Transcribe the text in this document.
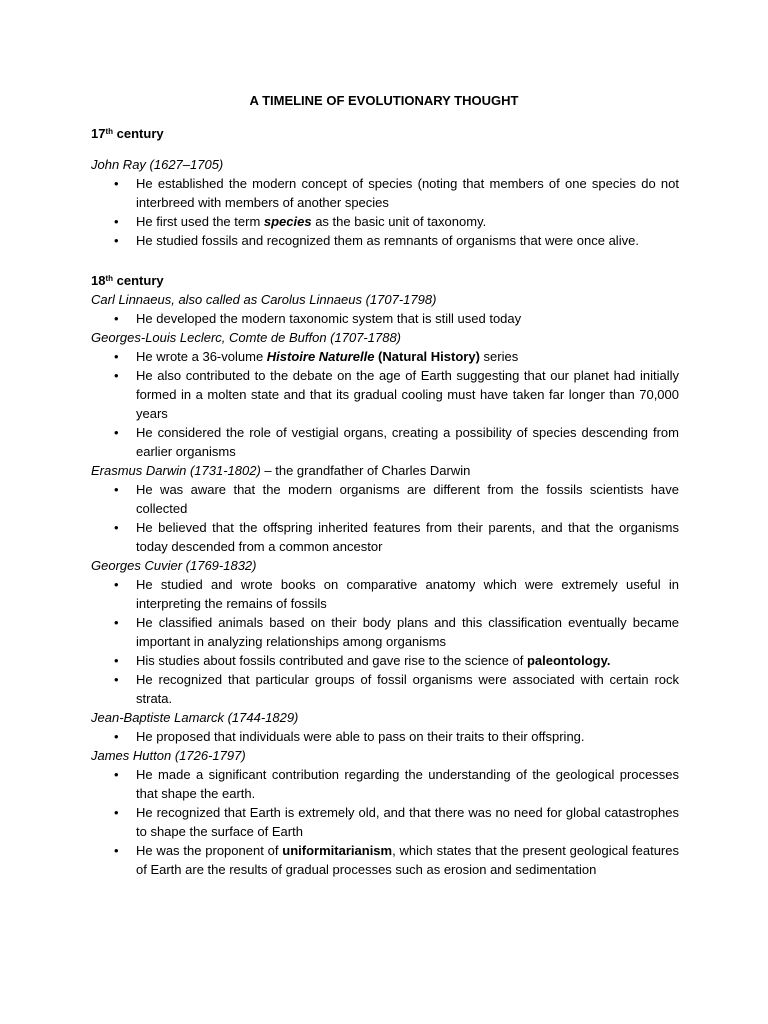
A TIMELINE OF EVOLUTIONARY THOUGHT
17th century
John Ray (1627–1705)
• He established the modern concept of species (noting that members of one species do not interbreed with members of another species
• He first used the term species as the basic unit of taxonomy.
• He studied fossils and recognized them as remnants of organisms that were once alive.
18th century
Carl Linnaeus, also called as Carolus Linnaeus (1707-1798)
• He developed the modern taxonomic system that is still used today
Georges-Louis Leclerc, Comte de Buffon (1707-1788)
• He wrote a 36-volume Histoire Naturelle (Natural History) series
• He also contributed to the debate on the age of Earth suggesting that our planet had initially formed in a molten state and that its gradual cooling must have taken far longer than 70,000 years
• He considered the role of vestigial organs, creating a possibility of species descending from earlier organisms
Erasmus Darwin (1731-1802) – the grandfather of Charles Darwin
• He was aware that the modern organisms are different from the fossils scientists have collected
• He believed that the offspring inherited features from their parents, and that the organisms today descended from a common ancestor
Georges Cuvier (1769-1832)
• He studied and wrote books on comparative anatomy which were extremely useful in interpreting the remains of fossils
• He classified animals based on their body plans and this classification eventually became important in analyzing relationships among organisms
• His studies about fossils contributed and gave rise to the science of paleontology.
• He recognized that particular groups of fossil organisms were associated with certain rock strata.
Jean-Baptiste Lamarck (1744-1829)
• He proposed that individuals were able to pass on their traits to their offspring.
James Hutton (1726-1797)
• He made a significant contribution regarding the understanding of the geological processes that shape the earth.
• He recognized that Earth is extremely old, and that there was no need for global catastrophes to shape the surface of Earth
• He was the proponent of uniformitarianism, which states that the present geological features of Earth are the results of gradual processes such as erosion and sedimentation
